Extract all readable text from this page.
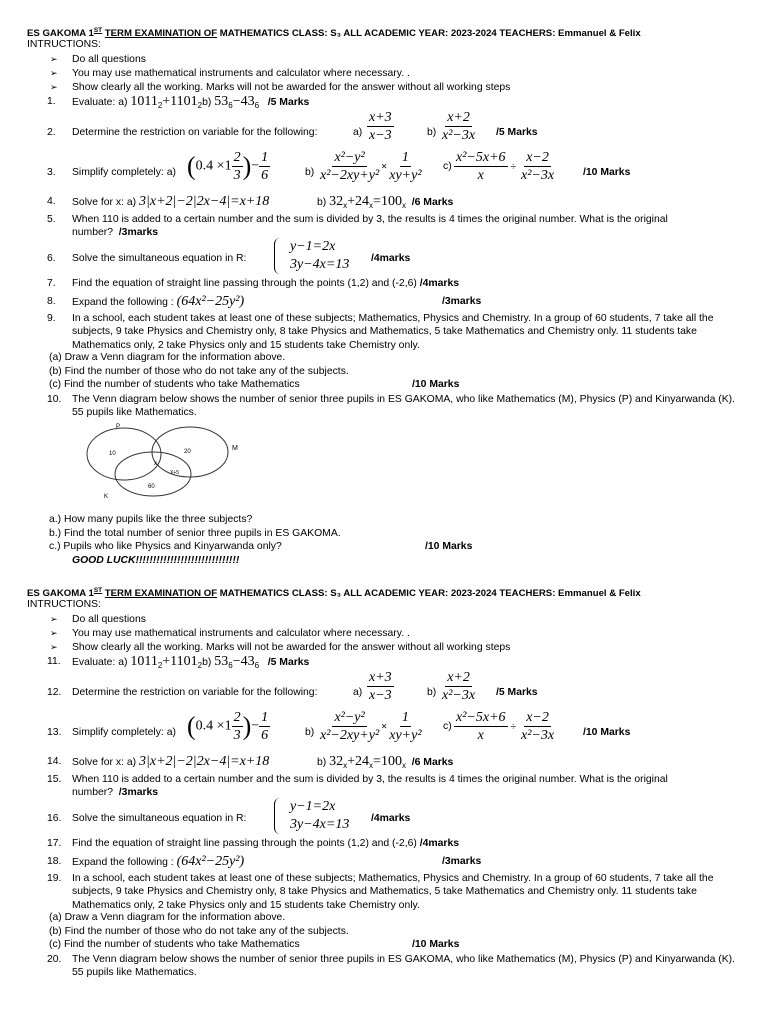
ES GAKOMA 1ST TERM EXAMINATION OF MATHEMATICS CLASS: S₃ ALL ACADEMIC YEAR: 2023-2024 TEACHERS: Emmanuel & Felix
INTRUCTIONS:
➢ Do all questions
➢ You may use mathematical instruments and calculator where necessary. .
➢ Show clearly all the working. Marks will not be awarded for the answer without all working steps
1.	Evaluate: a) $1011_2+1101_2b$) $53_6-43_6$ /5 Marks
2.	Determine the restriction on variable for the following:	$a) \frac{x+3}{x-3}$	$b) \frac{x+2}{\text{x²−3x}} /5$ Marks
3.	Simplify completely: a) ($0.4 \times 1 \frac{2}{3}$ )− $\frac{1}{6}$	$b) \frac{\text{x²−y²}}{\text{x²−2xy+y²}} \times \frac{1}{\text{xy+y²}} c) \frac{\text{x²−5x+6}}{x} \div \frac{x-2}{\text{x²−3x}}$	/10 Marks
4.	Solve for x: a) 3|x+2|−2|2x−4|=x+18	b) $32_x+24_x=100_x$ /6 Marks
5.	When 110 is added to a certain number and the sum is divided by 3, the results is 4 times the original number. What is the original number? /3marks
6.	Solve the simultaneous equation in R:
y−1=2x
3y−4x=13 /4marks
7.	Find the equation of straight line passing through the points (1,2) and (-2,6) /4marks
8.	Expand the following : (64x²−25y²)	/3marks
9.	In a school, each student takes at least one of these subjects; Mathematics, Physics and Chemistry. In a group of 60 students, 7 take all the subjects, 9 take Physics and Chemistry only, 8 take Physics and Mathematics, 5 take Mathematics and Chemistry only. 11 students take Mathematics only, 2 take Physics only and 15 students take Chemistry only.
(a) Draw a Venn diagram for the information above.
(b) Find the number of those who do not take any of the subjects.
(c) Find the number of students who take Mathematics	/10 Marks
10.	The Venn diagram below shows the number of senior three pupils in ES GAKOMA, who like Mathematics (M), Physics (P) and Kinyarwanda (K). 55 pupils like Mathematics.
P
M
K
10	20
x
X+5
60
a.) How many pupils like the three subjects?
b.) Find the total number of senior three pupils in ES GAKOMA.
c.) Pupils who like Physics and Kinyarwanda only?	/10 Marks
GOOD LUCK!!!!!!!!!!!!!!!!!!!!!!!!!!!!!!
ES GAKOMA 1ST TERM EXAMINATION OF MATHEMATICS CLASS: S₃ ALL ACADEMIC YEAR: 2023-2024 TEACHERS: Emmanuel & Felix
INTRUCTIONS:
➢ Do all questions
➢ You may use mathematical instruments and calculator where necessary. .
➢ Show clearly all the working. Marks will not be awarded for the answer without all working steps
11.	Evaluate: a) $1011_2+1101_2b$) $53_6-43_6$ /5 Marks
12.	Determine the restriction on variable for the following:	$a) \frac{x+3}{x-3}$	$b) \frac{x+2}{\text{x²−3x}} /5$ Marks
13.	Simplify completely: a) ($0.4 \times 1 \frac{2}{3}$ )− $\frac{1}{6}$	$b) \frac{\text{x²−y²}}{\text{x²−2xy+y²}} \times \frac{1}{\text{xy+y²}} c) \frac{\text{x²−5x+6}}{x} \div \frac{x-2}{\text{x²−3x}}$	/10 Marks
14.	Solve for x: a) 3|x+2|−2|2x−4|=x+18	b) $32_x+24_x=100_x$ /6 Marks
15.	When 110 is added to a certain number and the sum is divided by 3, the results is 4 times the original number. What is the original number? /3marks
16.	Solve the simultaneous equation in R:
y−1=2x
3y−4x=13 /4marks
17.	Find the equation of straight line passing through the points (1,2) and (-2,6) /4marks
18.	Expand the following : (64x²−25y²)	/3marks
19.	In a school, each student takes at least one of these subjects; Mathematics, Physics and Chemistry. In a group of 60 students, 7 take all the subjects, 9 take Physics and Chemistry only, 8 take Physics and Mathematics, 5 take Mathematics and Chemistry only. 11 students take Mathematics only, 2 take Physics only and 15 students take Chemistry only.
(a) Draw a Venn diagram for the information above.
(b) Find the number of those who do not take any of the subjects.
(c) Find the number of students who take Mathematics	/10 Marks
20.	The Venn diagram below shows the number of senior three pupils in ES GAKOMA, who like Mathematics (M), Physics (P) and Kinyarwanda (K). 55 pupils like Mathematics.
